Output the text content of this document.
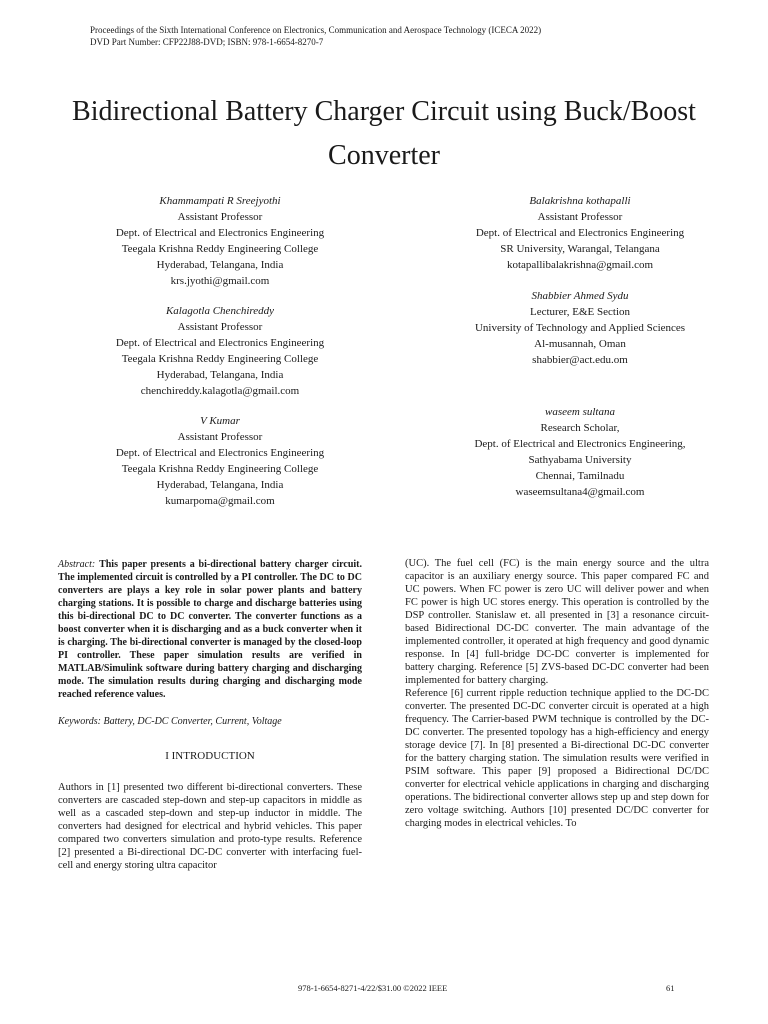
Proceedings of the Sixth International Conference on Electronics, Communication and Aerospace Technology (ICECA 2022)
DVD Part Number: CFP22J88-DVD; ISBN: 978-1-6654-8270-7
Bidirectional Battery Charger Circuit using Buck/Boost
Converter
Khammampati R Sreejyothi
Assistant Professor
Dept. of Electrical and Electronics Engineering
Teegala Krishna Reddy Engineering College
Hyderabad, Telangana, India
krs.jyothi@gmail.com
Kalagotla Chenchireddy
Assistant Professor
Dept. of Electrical and Electronics Engineering
Teegala Krishna Reddy Engineering College
Hyderabad, Telangana, India
chenchireddy.kalagotla@gmail.com
V Kumar
Assistant Professor
Dept. of Electrical and Electronics Engineering
Teegala Krishna Reddy Engineering College
Hyderabad, Telangana, India
kumarpoma@gmail.com
Balakrishna kothapalli
Assistant Professor
Dept. of Electrical and Electronics Engineering
SR University, Warangal, Telangana
kotapallibalakrishna@gmail.com
Shabbier Ahmed Sydu
Lecturer, E&E Section
University of Technology and Applied Sciences
Al-musannah, Oman
shabbier@act.edu.om
waseem sultana
Research Scholar,
Dept. of Electrical and Electronics Engineering,
Sathyabama University
Chennai, Tamilnadu
waseemsultana4@gmail.com

Abstract: This paper presents a bi-directional battery charger circuit. The implemented circuit is controlled by a PI controller. The DC to DC converters are plays a key role in solar power plants and battery charging stations. It is possible to charge and discharge batteries using this bi-directional DC to DC converter. The converter functions as a boost converter when it is discharging and as a buck converter when it is charging. The bi-directional converter is managed by the closed-loop PI controller. These paper simulation results are verified in MATLAB/Simulink software during battery charging and discharging mode. The simulation results during charging and discharging mode reached reference values.

Keywords: Battery, DC-DC Converter, Current, Voltage

I INTRODUCTION

Authors in [1] presented two different bi-directional converters. These converters are cascaded step-down and step-up capacitors in middle as well as a cascaded step-down and step-up inductor in middle. The converters had designed for electrical and hybrid vehicles. This paper compared two converters simulation and proto-type results. Reference [2] presented a Bi-directional DC-DC converter with interfacing fuel-cell and energy storing ultra capacitor

(UC). The fuel cell (FC) is the main energy source and the ultra capacitor is an auxiliary energy source. This paper compared FC and UC powers. When FC power is zero UC will deliver power and when FC power is high UC stores energy. This operation is controlled by the DSP controller. Stanislaw et. all presented in [3] a resonance circuit-based Bidirectional DC-DC converter. The main advantage of the implemented controller, it operated at high frequency and good dynamic response. In [4] full-bridge DC-DC converter is implemented for battery charging. Reference [5] ZVS-based DC-DC converter had been implemented for battery charging.

Reference [6] current ripple reduction technique applied to the DC-DC converter. The presented DC-DC converter circuit is operated at a high frequency. The Carrier-based PWM technique is controlled by the DC-DC converter. The presented topology has a high-efficiency and energy storage device [7]. In [8] presented a Bi-directional DC-DC converter for the battery charging station. The simulation results were verified in PSIM software. This paper [9] proposed a Bidirectional DC/DC converter for electrical vehicle applications in charging and discharging operations. The bidirectional converter allows step up and step down for zero voltage switching. Authors [10] presented DC/DC converter for charging modes in electrical vehicles. To

978-1-6654-8271-4/22/$31.00 ©2022 IEEE	61
